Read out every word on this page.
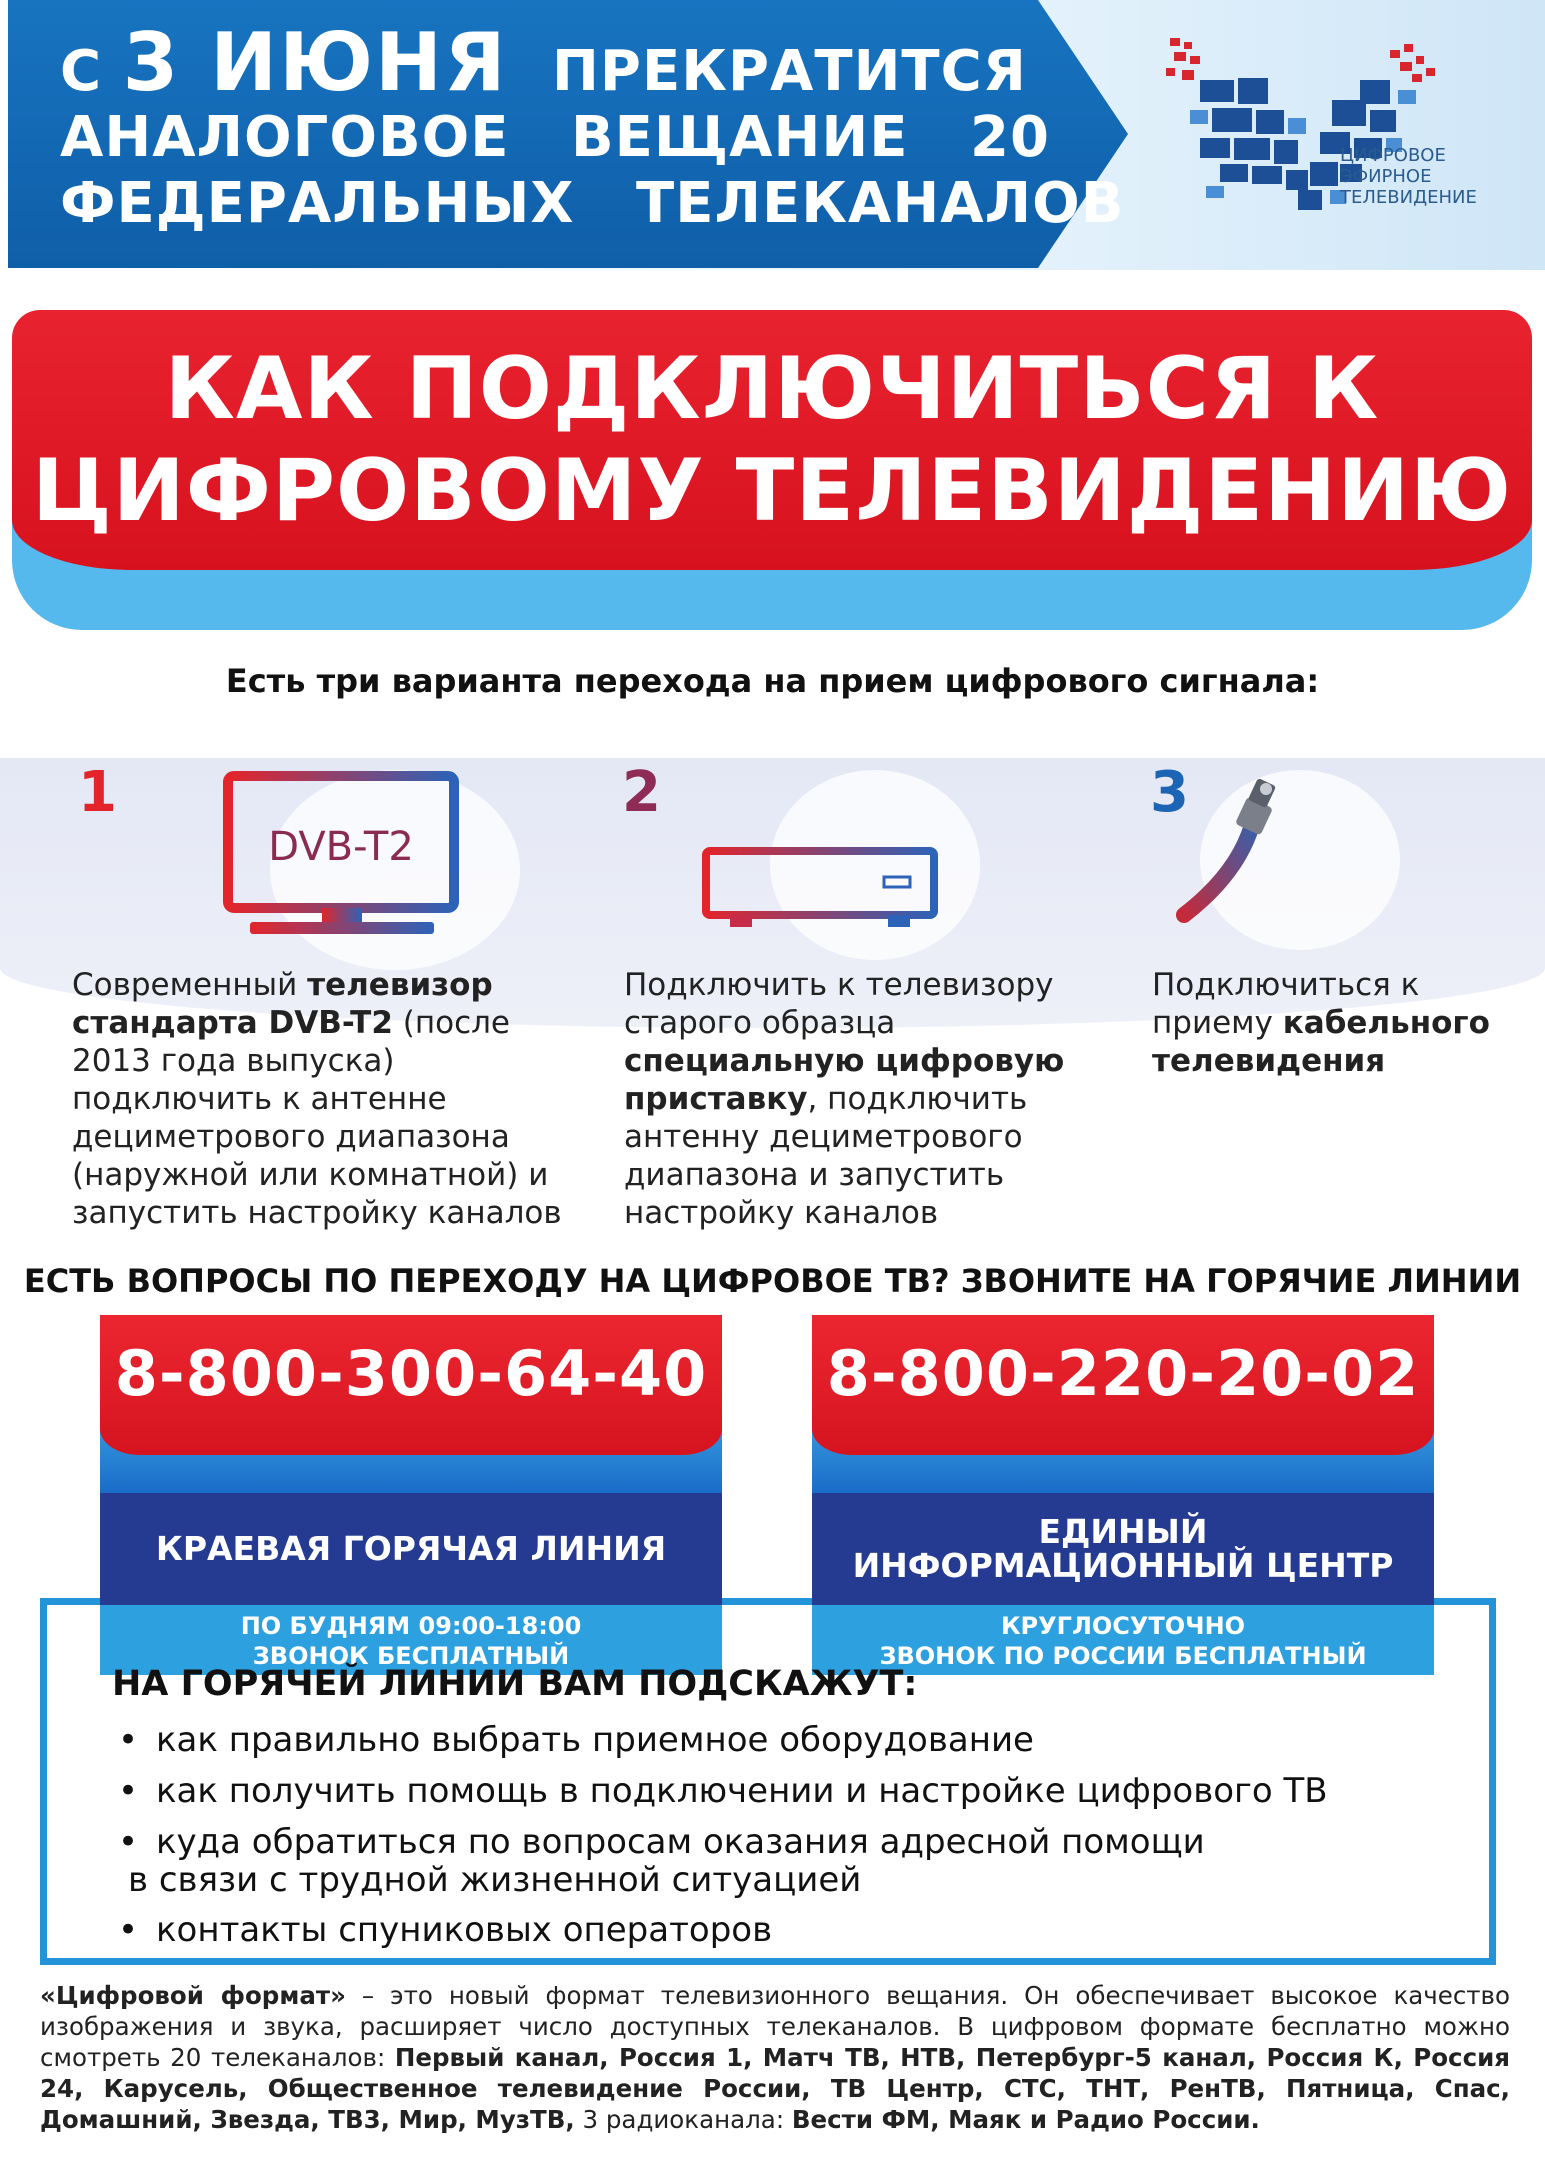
С 3 ИЮНЯ ПРЕКРАТИТСЯ
АНАЛОГОВОЕ   ВЕЩАНИЕ   20
ФЕДЕРАЛЬНЫХ   ТЕЛЕКАНАЛОВ
ЦИФРОВОЕ
ЭФИРНОЕ
ТЕЛЕВИДЕНИЕ
КАК ПОДКЛЮЧИТЬСЯ К
ЦИФРОВОМУ ТЕЛЕВИДЕНИЮ
Есть три варианта перехода на прием цифрового сигнала:
1	2	3
DVB-T2
Современный телевизор стандарта DVB-T2 (после 2013 года выпуска) подключить к антенне дециметрового диапазона (наружной или комнатной) и запустить настройку каналов
Подключить к телевизору старого образца специальную цифровую приставку, подключить антенну дециметрового диапазона и запустить настройку каналов
Подключиться к приему кабельного телевидения
ЕСТЬ ВОПРОСЫ ПО ПЕРЕХОДУ НА ЦИФРОВОЕ ТВ? ЗВОНИТЕ НА ГОРЯЧИЕ ЛИНИИ
8-800-300-64-40
КРАЕВАЯ ГОРЯЧАЯ ЛИНИЯ
ПО БУДНЯМ 09:00-18:00
ЗВОНОК БЕСПЛАТНЫЙ
8-800-220-20-02
ЕДИНЫЙ
ИНФОРМАЦИОННЫЙ ЦЕНТР
КРУГЛОСУТОЧНО
ЗВОНОК ПО РОССИИ БЕСПЛАТНЫЙ
НА ГОРЯЧЕЙ ЛИНИИ ВАМ ПОДСКАЖУТ:
• как правильно выбрать приемное оборудование
• как получить помощь в подключении и настройке цифрового ТВ
• куда обратиться по вопросам оказания адресной помощи
в связи с трудной жизненной ситуацией
• контакты спуниковых операторов
«Цифровой формат» – это новый формат телевизионного вещания. Он обеспечивает высокое качество изображения и звука, расширяет число доступных телеканалов. В цифровом формате бесплатно можно смотреть 20 телеканалов: Первый канал, Россия 1, Матч ТВ, НТВ, Петербург-5 канал, Россия К, Россия 24, Карусель, Общественное телевидение России, ТВ Центр, СТС, ТНТ, РенТВ, Пятница, Спас, Домашний, Звезда, ТВ3, Мир, МузТВ, 3 радиоканала: Вести ФМ, Маяк и Радио России.
